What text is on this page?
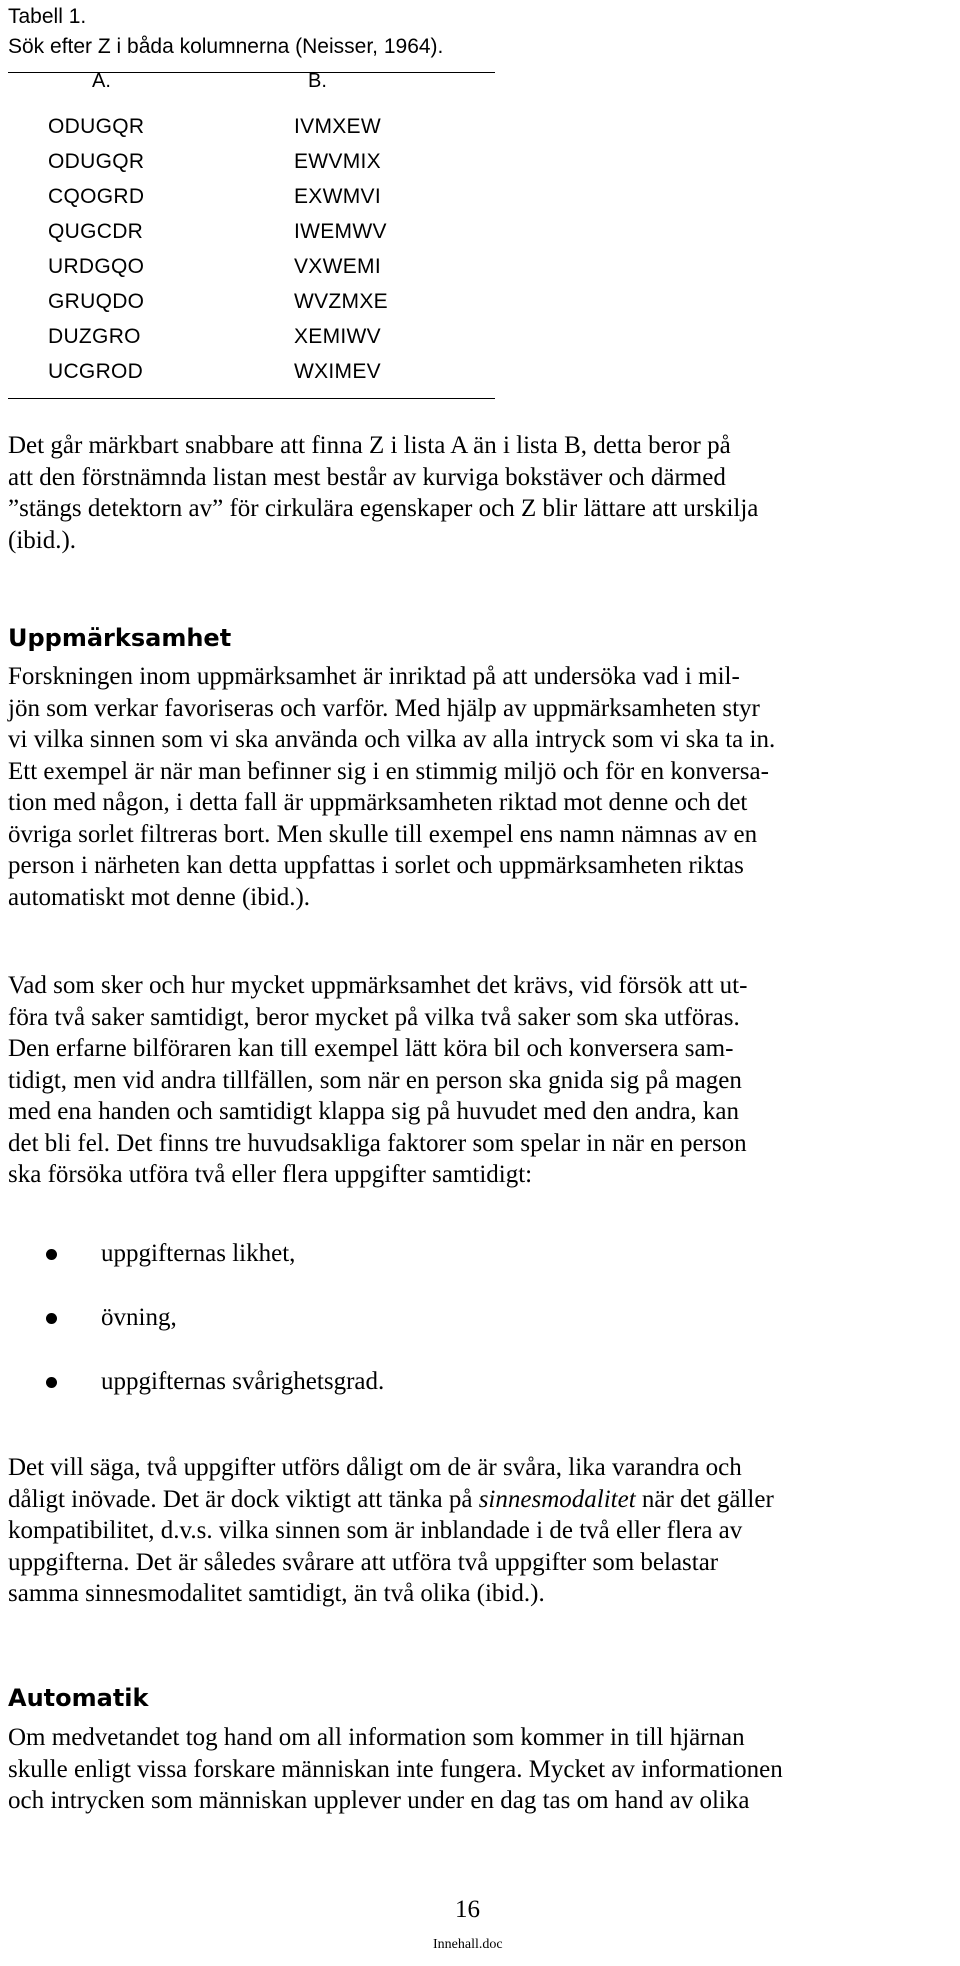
Tabell 1.
Sök efter Z i båda kolumnerna (Neisser, 1964).
A.	B.
ODUGQR
ODUGQR
CQOGRD
QUGCDR
URDGQO
GRUQDO
DUZGRO
UCGROD
IVMXEW
EWVMIX
EXWMVI
IWEMWV
VXWEMI
WVZMXE
XEMIWV
WXIMEV

Det går märkbart snabbare att finna Z i lista A än i lista B, detta beror på
att den förstnämnda listan mest består av kurviga bokstäver och därmed
”stängs detektorn av” för cirkulära egenskaper och Z blir lättare att urskilja
(ibid.).

Uppmärksamhet

Forskningen inom uppmärksamhet är inriktad på att undersöka vad i mil-
jön som verkar favoriseras och varför. Med hjälp av uppmärksamheten styr
vi vilka sinnen som vi ska använda och vilka av alla intryck som vi ska ta in.
Ett exempel är när man befinner sig i en stimmig miljö och för en konversa-
tion med någon, i detta fall är uppmärksamheten riktad mot denne och det
övriga sorlet filtreras bort. Men skulle till exempel ens namn nämnas av en
person i närheten kan detta uppfattas i sorlet och uppmärksamheten riktas
automatiskt mot denne (ibid.).

Vad som sker och hur mycket uppmärksamhet det krävs, vid försök att ut-
föra två saker samtidigt, beror mycket på vilka två saker som ska utföras.
Den erfarne bilföraren kan till exempel lätt köra bil och konversera sam-
tidigt, men vid andra tillfällen, som när en person ska gnida sig på magen
med ena handen och samtidigt klappa sig på huvudet med den andra, kan
det bli fel. Det finns tre huvudsakliga faktorer som spelar in när en person
ska försöka utföra två eller flera uppgifter samtidigt:

uppgifternas likhet,
övning,
uppgifternas svårighetsgrad.

Det vill säga, två uppgifter utförs dåligt om de är svåra, lika varandra och
dåligt inövade. Det är dock viktigt att tänka på sinnesmodalitet när det gäller
kompatibilitet, d.v.s. vilka sinnen som är inblandade i de två eller flera av
uppgifterna. Det är således svårare att utföra två uppgifter som belastar
samma sinnesmodalitet samtidigt, än två olika (ibid.).

Automatik

Om medvetandet tog hand om all information som kommer in till hjärnan
skulle enligt vissa forskare människan inte fungera. Mycket av informationen
och intrycken som människan upplever under en dag tas om hand av olika

16
Innehall.doc
